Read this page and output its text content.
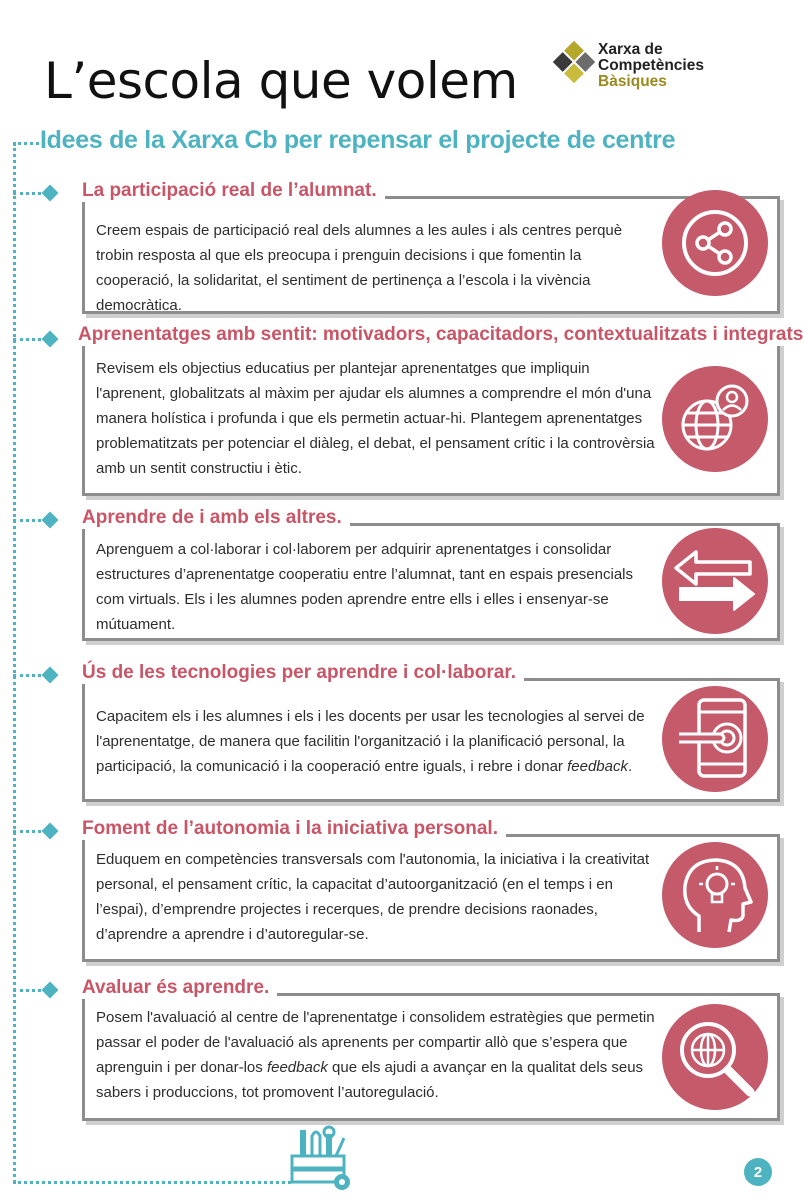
L’escola que volem
Xarxa de
Competències
Bàsiques
Idees de la Xarxa Cb per repensar el projecte de centre
La participació real de l’alumnat.

Creem espais de participació real dels alumnes a les aules i als centres perquè trobin resposta al que els preocupa i prenguin decisions i que fomentin la cooperació, la solidaritat, el sentiment de pertinença a l’escola i la vivència democràtica.

Aprenentatges amb sentit: motivadors, capacitadors, contextualitzats i integrats

Revisem els objectius educatius per plantejar aprenentatges que impliquin l'aprenent, globalitzats al màxim per ajudar els alumnes a comprendre el món d'una manera holística i profunda i que els permetin actuar-hi. Plantegem aprenentatges problematitzats per potenciar el diàleg, el debat, el pensament crític i la controvèrsia amb un sentit constructiu i ètic.

Aprendre de i amb els altres.

Aprenguem a col·laborar i col·laborem per adquirir aprenentatges i consolidar estructures d’aprenentatge cooperatiu entre l’alumnat, tant en espais presencials com virtuals. Els i les alumnes poden aprendre entre ells i elles i ensenyar-se mútuament.

Ús de les tecnologies per aprendre i col·laborar.

Capacitem els i les alumnes i els i les docents per usar les tecnologies al servei de l'aprenentatge, de manera que facilitin l'organització i la planificació personal, la participació, la comunicació i la cooperació entre iguals, i rebre i donar feedback.

Foment de l’autonomia i la iniciativa personal.

Eduquem en competències transversals com l'autonomia, la iniciativa i la creativitat personal, el pensament crític, la capacitat d’autoorganització (en el temps i en l’espai), d’emprendre projectes i recerques, de prendre decisions raonades, d’aprendre a aprendre i d’autoregular-se.

Avaluar és aprendre.

Posem l'avaluació al centre de l'aprenentatge i consolidem estratègies que permetin passar el poder de l'avaluació als aprenents per compartir allò que s’espera que aprenguin i per donar-los feedback que els ajudi a avançar en la qualitat dels seus sabers i produccions, tot promovent l’autoregulació.

2
